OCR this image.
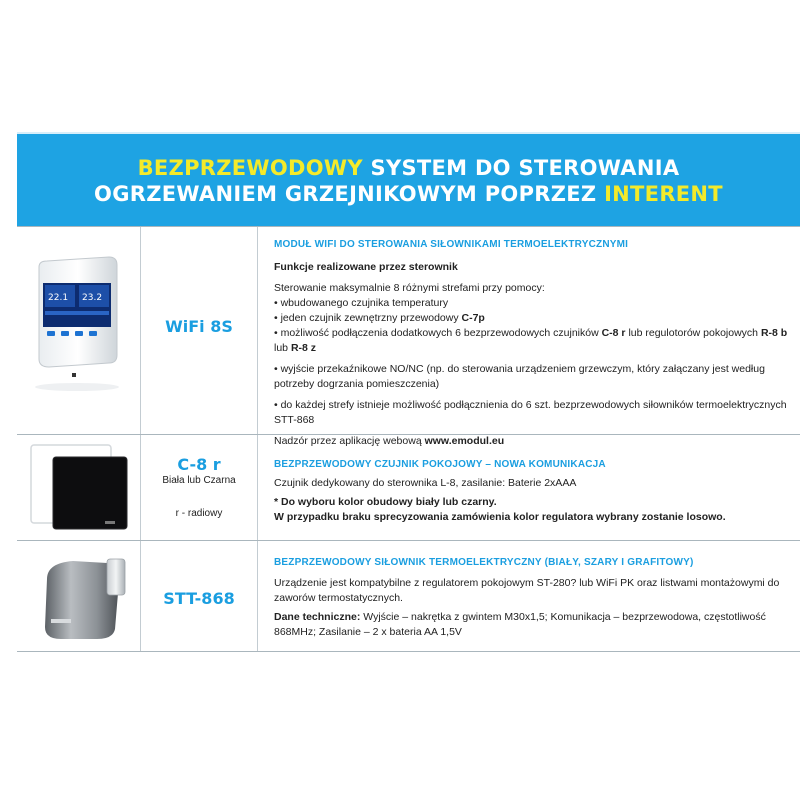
BEZPRZEWODOWY SYSTEM DO STEROWANIA
OGRZEWANIEM GRZEJNIKOWYM POPRZEZ INTERENT
22.1 23.2
WiFi 8S

MODUŁ WIFI DO STEROWANIA SIŁOWNIKAMI TERMOELEKTRYCZNYMI

Funkcje realizowane przez sterownik

Sterowanie maksymalnie 8 różnymi strefami przy pomocy:

• wbudowanego czujnika temperatury

• jeden czujnik zewnętrzny przewodowy C-7p

• możliwość podłączenia dodatkowych 6 bezprzewodowych czujników C-8 r lub regulotorów pokojowych R-8 b lub R-8 z

• wyjście przekaźnikowe NO/NC (np. do sterowania urządzeniem grzewczym, który załączany jest według potrzeby dogrzania pomieszczenia)

• do każdej strefy istnieje możliwość podłącznienia do 6 szt. bezprzewodowych siłowników termoelektrycznych STT-868

Nadzór przez aplikację webową www.emodul.eu

C-8 r
Biała lub Czarna
r - radiowy

BEZPRZEWODOWY CZUJNIK POKOJOWY – NOWA KOMUNIKACJA

Czujnik dedykowany do sterownika L-8, zasilanie: Baterie 2xAAA

* Do wyboru kolor obudowy biały lub czarny.

W przypadku braku sprecyzowania zamówienia kolor regulatora wybrany zostanie losowo.

STT-868

BEZPRZEWODOWY SIŁOWNIK TERMOELEKTRYCZNY (BIAŁY, SZARY I GRAFITOWY)

Urządzenie jest kompatybilne z regulatorem pokojowym ST-280? lub WiFi PK oraz listwami montażowymi do zaworów termostatycznych.

Dane techniczne: Wyjście – nakrętka z gwintem M30x1,5; Komunikacja – bezprzewodowa, częstotliwość 868MHz; Zasilanie – 2 x bateria AA 1,5V
